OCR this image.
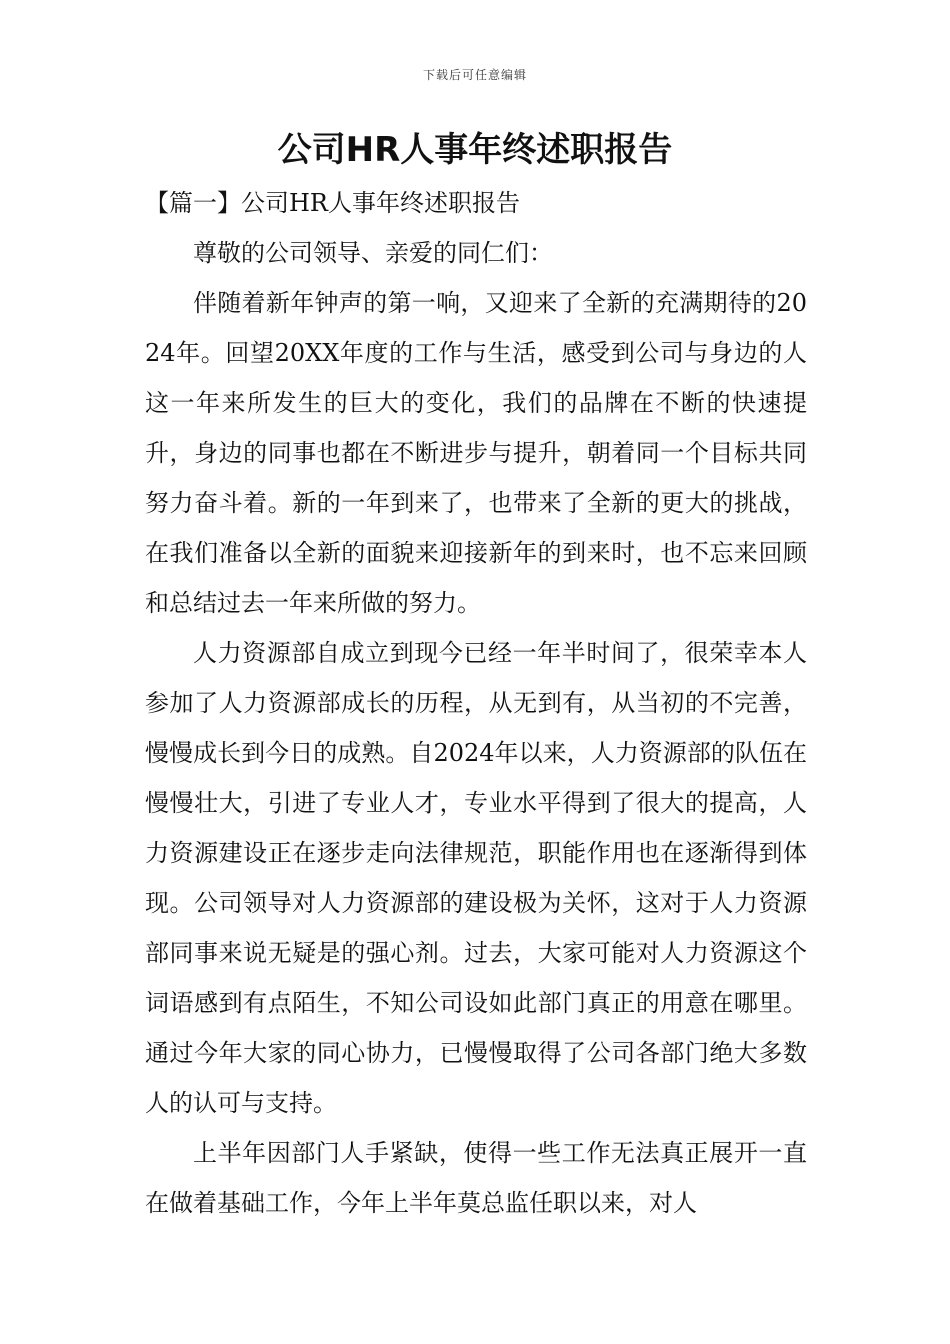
下载后可任意编辑
公司HR人事年终述职报告

【篇一】公司HR人事年终述职报告

尊敬的公司领导、亲爱的同仁们：

伴随着新年钟声的第一响，又迎来了全新的充满期待的2024年。回望20XX年度的工作与生活，感受到公司与身边的人这一年来所发生的巨大的变化，我们的品牌在不断的快速提升，身边的同事也都在不断进步与提升，朝着同一个目标共同努力奋斗着。新的一年到来了，也带来了全新的更大的挑战，在我们准备以全新的面貌来迎接新年的到来时，也不忘来回顾和总结过去一年来所做的努力。

人力资源部自成立到现今已经一年半时间了，很荣幸本人参加了人力资源部成长的历程，从无到有，从当初的不完善，慢慢成长到今日的成熟。自2024年以来，人力资源部的队伍在慢慢壮大，引进了专业人才，专业水平得到了很大的提高，人力资源建设正在逐步走向法律规范，职能作用也在逐渐得到体现。公司领导对人力资源部的建设极为关怀，这对于人力资源部同事来说无疑是的强心剂。过去，大家可能对人力资源这个词语感到有点陌生，不知公司设如此部门真正的用意在哪里。通过今年大家的同心协力，已慢慢取得了公司各部门绝大多数人的认可与支持。

上半年因部门人手紧缺，使得一些工作无法真正展开一直在做着基础工作，今年上半年莫总监任职以来，对人
